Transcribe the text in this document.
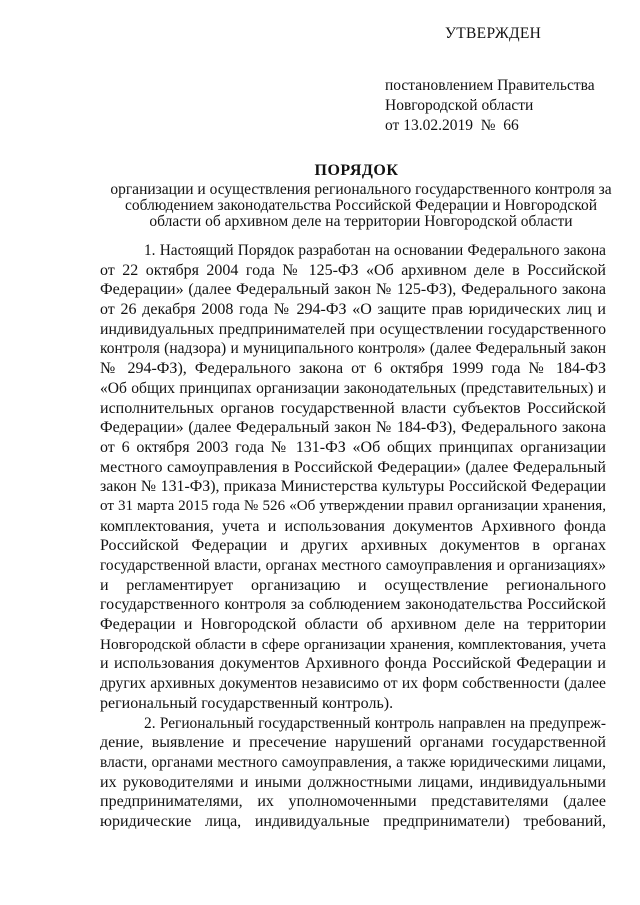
УТВЕРЖДЕН
постановлением Правительства
Новгородской области
от 13.02.2019  №  66
ПОРЯДОК
организации и осуществления регионального государственного контроля за
соблюдением законодательства Российской Федерации и Новгородской
области об архивном деле на территории Новгородской области
1. Настоящий Порядок разработан на основании Федерального закона
от 22 октября 2004 года № 125-ФЗ «Об архивном деле в Российской
Федерации» (далее Федеральный закон № 125-ФЗ), Федерального закона
от 26 декабря 2008 года № 294-ФЗ «О защите прав юридических лиц и
индивидуальных предпринимателей при осуществлении государственного
контроля (надзора) и муниципального контроля» (далее Федеральный закон
№ 294-ФЗ), Федерального закона от 6 октября 1999 года № 184-ФЗ
«Об общих принципах организации законодательных (представительных) и
исполнительных органов государственной власти субъектов Российской
Федерации» (далее Федеральный закон № 184-ФЗ), Федерального закона
от 6 октября 2003 года № 131-ФЗ «Об общих принципах организации
местного самоуправления в Российской Федерации» (далее Федеральный
закон № 131-ФЗ), приказа Министерства культуры Российской Федерации
от 31 марта 2015 года № 526 «Об утверждении правил организации хранения,
комплектования, учета и использования документов Архивного фонда
Российской Федерации и других архивных документов в органах
государственной власти, органах местного самоуправления и организациях»
и регламентирует организацию и осуществление регионального
государственного контроля за соблюдением законодательства Российской
Федерации и Новгородской области об архивном деле на территории
Новгородской области в сфере организации хранения, комплектования, учета
и использования документов Архивного фонда Российской Федерации и
других архивных документов независимо от их форм собственности (далее
региональный государственный контроль).
2. Региональный государственный контроль направлен на предупреж-
дение, выявление и пресечение нарушений органами государственной
власти, органами местного самоуправления, а также юридическими лицами,
их руководителями и иными должностными лицами, индивидуальными
предпринимателями, их уполномоченными представителями (далее
юридические лица, индивидуальные предприниматели) требований,
